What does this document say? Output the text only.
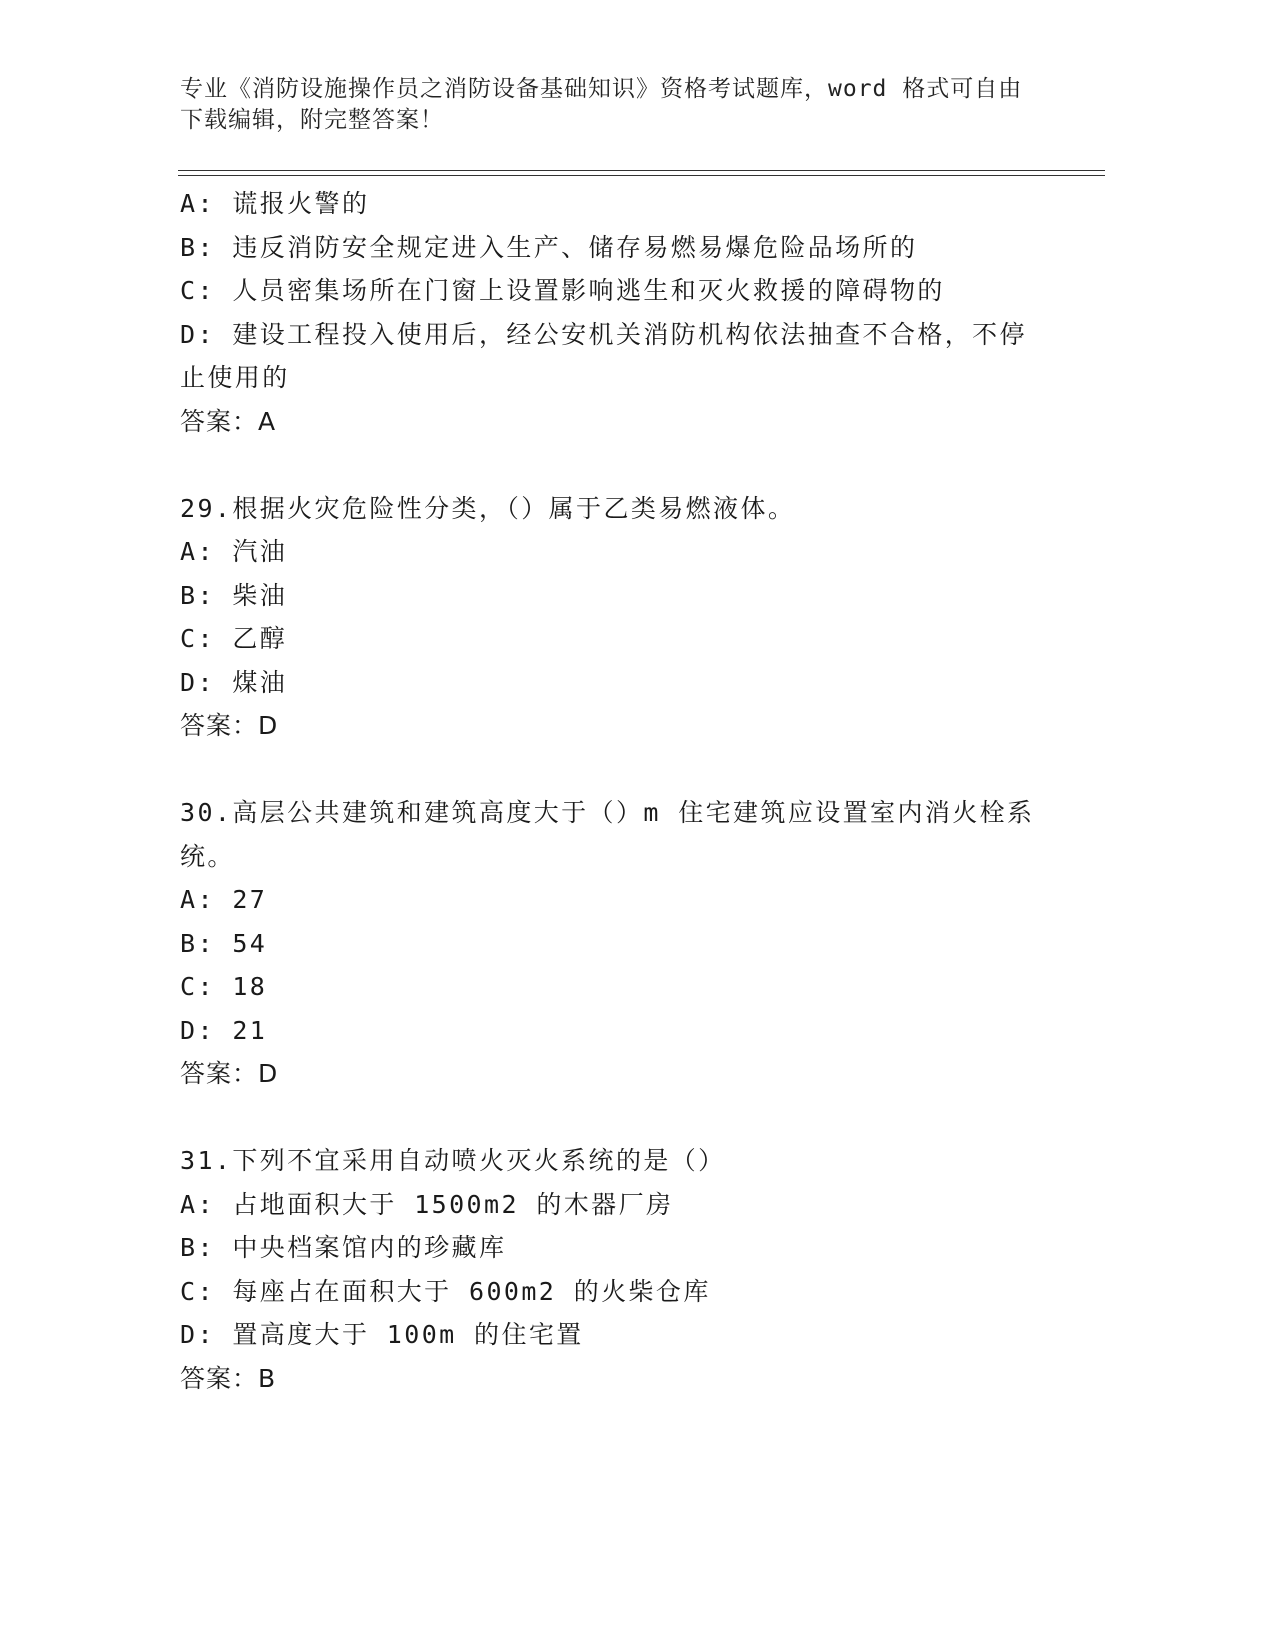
专业《消防设施操作员之消防设备基础知识》资格考试题库，word 格式可自由下载编辑，附完整答案！
A: 谎报火警的
B: 违反消防安全规定进入生产、储存易燃易爆危险品场所的
C: 人员密集场所在门窗上设置影响逃生和灭火救援的障碍物的
D: 建设工程投入使用后，经公安机关消防机构依法抽查不合格，不停止使用的
答案：A
29.根据火灾危险性分类，（）属于乙类易燃液体。
A: 汽油
B: 柴油
C: 乙醇
D: 煤油
答案：D
30.高层公共建筑和建筑高度大于（）m 住宅建筑应设置室内消火栓系统。
A: 27
B: 54
C: 18
D: 21
答案：D
31.下列不宜采用自动喷火灭火系统的是（）
A: 占地面积大于 1500m2 的木器厂房
B: 中央档案馆内的珍藏库
C: 每座占在面积大于 600m2 的火柴仓库
D: 置高度大于 100m 的住宅置
答案：B
